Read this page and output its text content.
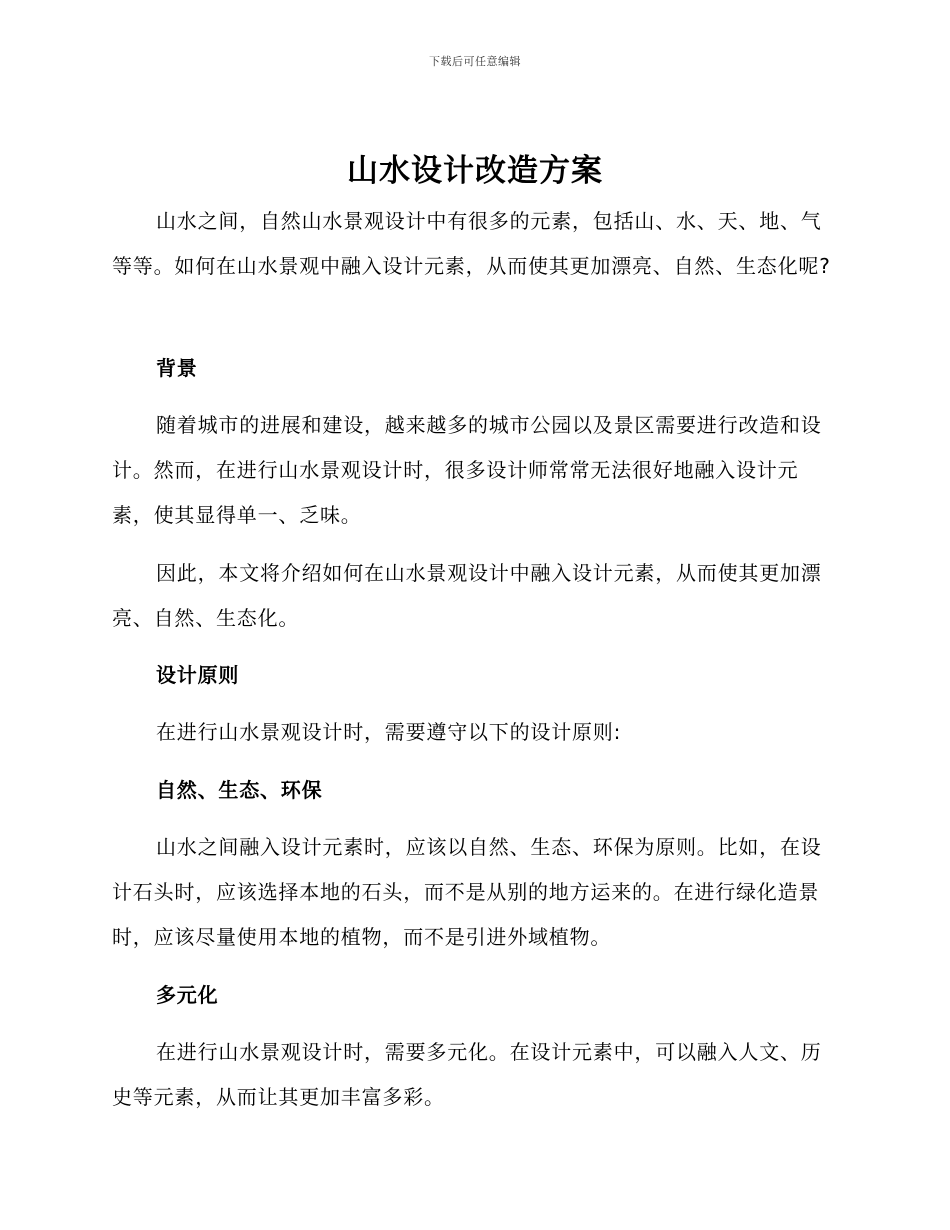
下载后可任意编辑
山水设计改造方案

山水之间，自然山水景观设计中有很多的元素，包括山、水、天、地、气等等。如何在山水景观中融入设计元素，从而使其更加漂亮、自然、生态化呢?

背景

随着城市的进展和建设，越来越多的城市公园以及景区需要进行改造和设计。然而，在进行山水景观设计时，很多设计师常常无法很好地融入设计元素，使其显得单一、乏味。

因此，本文将介绍如何在山水景观设计中融入设计元素，从而使其更加漂亮、自然、生态化。

设计原则

在进行山水景观设计时，需要遵守以下的设计原则:

自然、生态、环保

山水之间融入设计元素时，应该以自然、生态、环保为原则。比如，在设计石头时，应该选择本地的石头，而不是从别的地方运来的。在进行绿化造景时，应该尽量使用本地的植物，而不是引进外域植物。

多元化

在进行山水景观设计时，需要多元化。在设计元素中，可以融入人文、历史等元素，从而让其更加丰富多彩。
